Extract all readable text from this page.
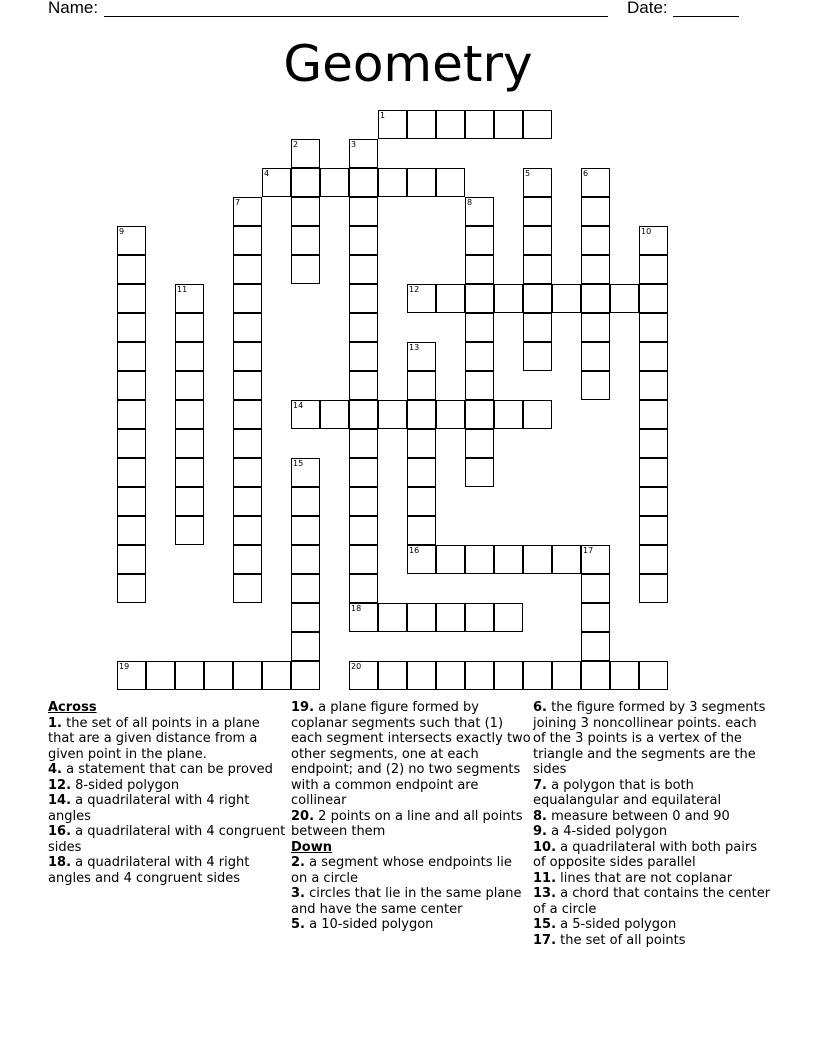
Name:	Date:
Geometry
1
2	3
4	5	6
7	8
9	10
11	12
13
14
15
16	17
18
19	20

Across

1. the set of all points in a plane that are a given distance from a given point in the plane.

4. a statement that can be proved

12. 8-sided polygon

14. a quadrilateral with 4 right angles

16. a quadrilateral with 4 congruent sides

18. a quadrilateral with 4 right angles and 4 congruent sides

19. a plane figure formed by coplanar segments such that (1) each segment intersects exactly two other segments, one at each endpoint; and (2) no two segments with a common endpoint are collinear

20. 2 points on a line and all points between them

Down

2. a segment whose endpoints lie on a circle

3. circles that lie in the same plane and have the same center

5. a 10-sided polygon

6. the figure formed by 3 segments joining 3 noncollinear points. each of the 3 points is a vertex of the triangle and the segments are the sides

7. a polygon that is both equalangular and equilateral

8. measure between 0 and 90

9. a 4-sided polygon

10. a quadrilateral with both pairs of opposite sides parallel

11. lines that are not coplanar

13. a chord that contains the center of a circle

15. a 5-sided polygon

17. the set of all points
